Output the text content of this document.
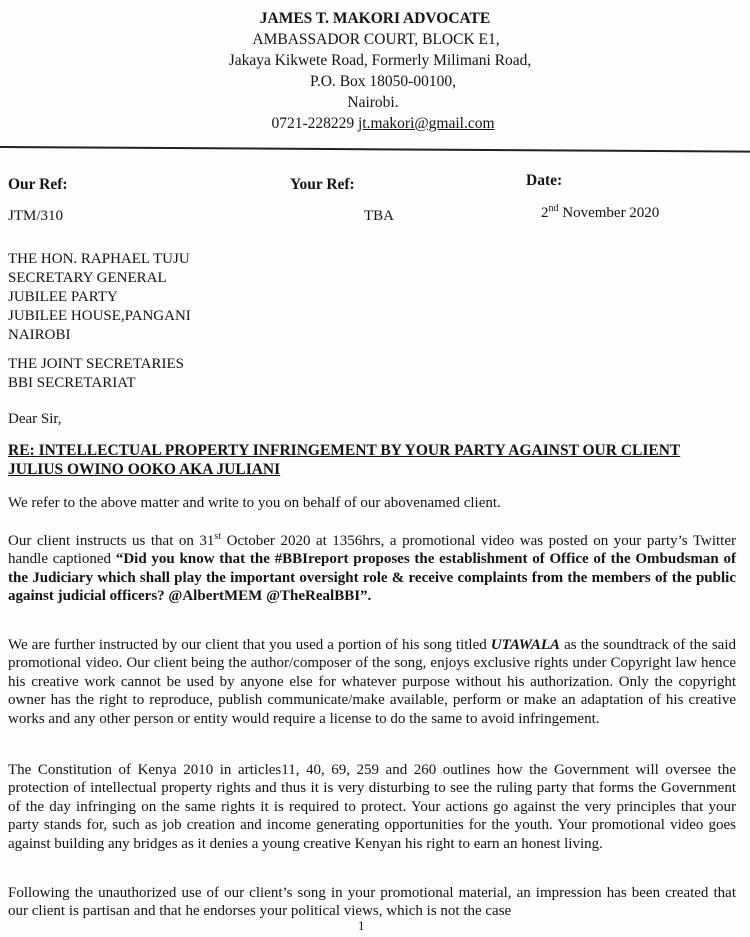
JAMES T. MAKORI ADVOCATE
AMBASSADOR COURT, BLOCK E1,
Jakaya Kikwete Road, Formerly Milimani Road,
P.O. Box 18050-00100,
Nairobi.
0721-228229 jt.makori@gmail.com
Our Ref:
JTM/310
Your Ref:
TBA
Date:
2nd November 2020
THE HON. RAPHAEL TUJU
SECRETARY GENERAL
JUBILEE PARTY
JUBILEE HOUSE,PANGANI
NAIROBI
THE JOINT SECRETARIES
BBI SECRETARIAT
Dear Sir,
RE: INTELLECTUAL PROPERTY INFRINGEMENT BY YOUR PARTY AGAINST OUR CLIENT JULIUS OWINO OOKO AKA JULIANI
We refer to the above matter and write to you on behalf of our abovenamed client.
Our client instructs us that on 31st October 2020 at 1356hrs, a promotional video was posted on your party’s Twitter handle captioned “Did you know that the #BBIreport proposes the establishment of Office of the Ombudsman of the Judiciary which shall play the important oversight role & receive complaints from the members of the public against judicial officers? @AlbertMEM @TheRealBBI”.
We are further instructed by our client that you used a portion of his song titled UTAWALA as the soundtrack of the said promotional video. Our client being the author/composer of the song, enjoys exclusive rights under Copyright law hence his creative work cannot be used by anyone else for whatever purpose without his authorization. Only the copyright owner has the right to reproduce, publish communicate/make available, perform or make an adaptation of his creative works and any other person or entity would require a license to do the same to avoid infringement.
The Constitution of Kenya 2010 in articles11, 40, 69, 259 and 260 outlines how the Government will oversee the protection of intellectual property rights and thus it is very disturbing to see the ruling party that forms the Government of the day infringing on the same rights it is required to protect. Your actions go against the very principles that your party stands for, such as job creation and income generating opportunities for the youth. Your promotional video goes against building any bridges as it denies a young creative Kenyan his right to earn an honest living.
Following the unauthorized use of our client’s song in your promotional material, an impression has been created that our client is partisan and that he endorses your political views, which is not the case
1
